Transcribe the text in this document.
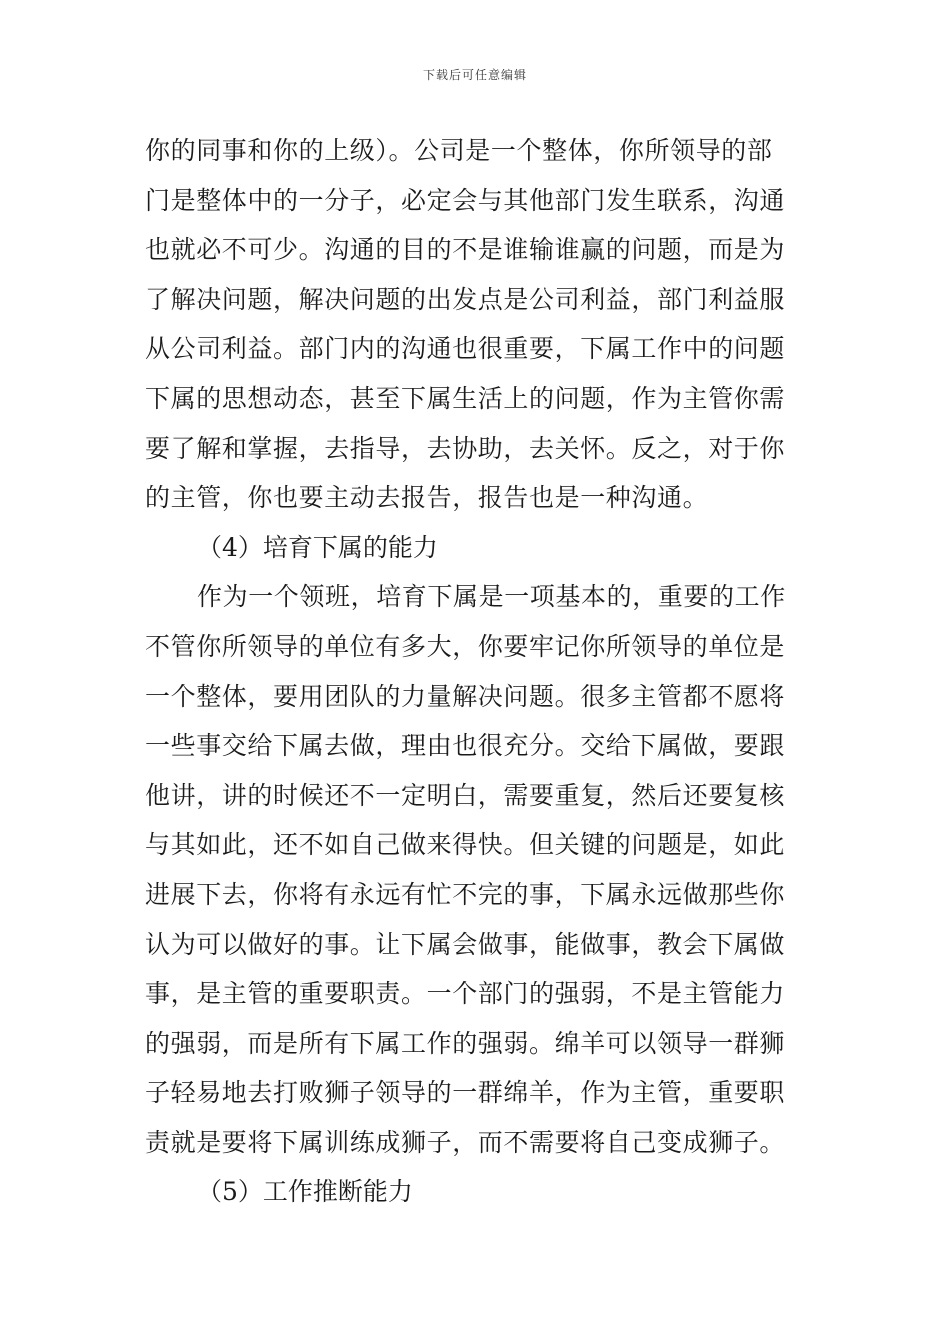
下载后可任意编辑
你的同事和你的上级）。公司是一个整体，你所领导的部
门是整体中的一分子，必定会与其他部门发生联系，沟通
也就必不可少。沟通的目的不是谁输谁赢的问题，而是为
了解决问题，解决问题的出发点是公司利益，部门利益服
从公司利益。部门内的沟通也很重要，下属工作中的问题
下属的思想动态，甚至下属生活上的问题，作为主管你需
要了解和掌握，去指导，去协助，去关怀。反之，对于你
的主管，你也要主动去报告，报告也是一种沟通。
（4）培育下属的能力
作为一个领班，培育下属是一项基本的，重要的工作
不管你所领导的单位有多大，你要牢记你所领导的单位是
一个整体，要用团队的力量解决问题。很多主管都不愿将
一些事交给下属去做，理由也很充分。交给下属做，要跟
他讲，讲的时候还不一定明白，需要重复，然后还要复核
与其如此，还不如自己做来得快。但关键的问题是，如此
进展下去，你将有永远有忙不完的事，下属永远做那些你
认为可以做好的事。让下属会做事，能做事，教会下属做
事，是主管的重要职责。一个部门的强弱，不是主管能力
的强弱，而是所有下属工作的强弱。绵羊可以领导一群狮
子轻易地去打败狮子领导的一群绵羊，作为主管，重要职
责就是要将下属训练成狮子，而不需要将自己变成狮子。
（5）工作推断能力
